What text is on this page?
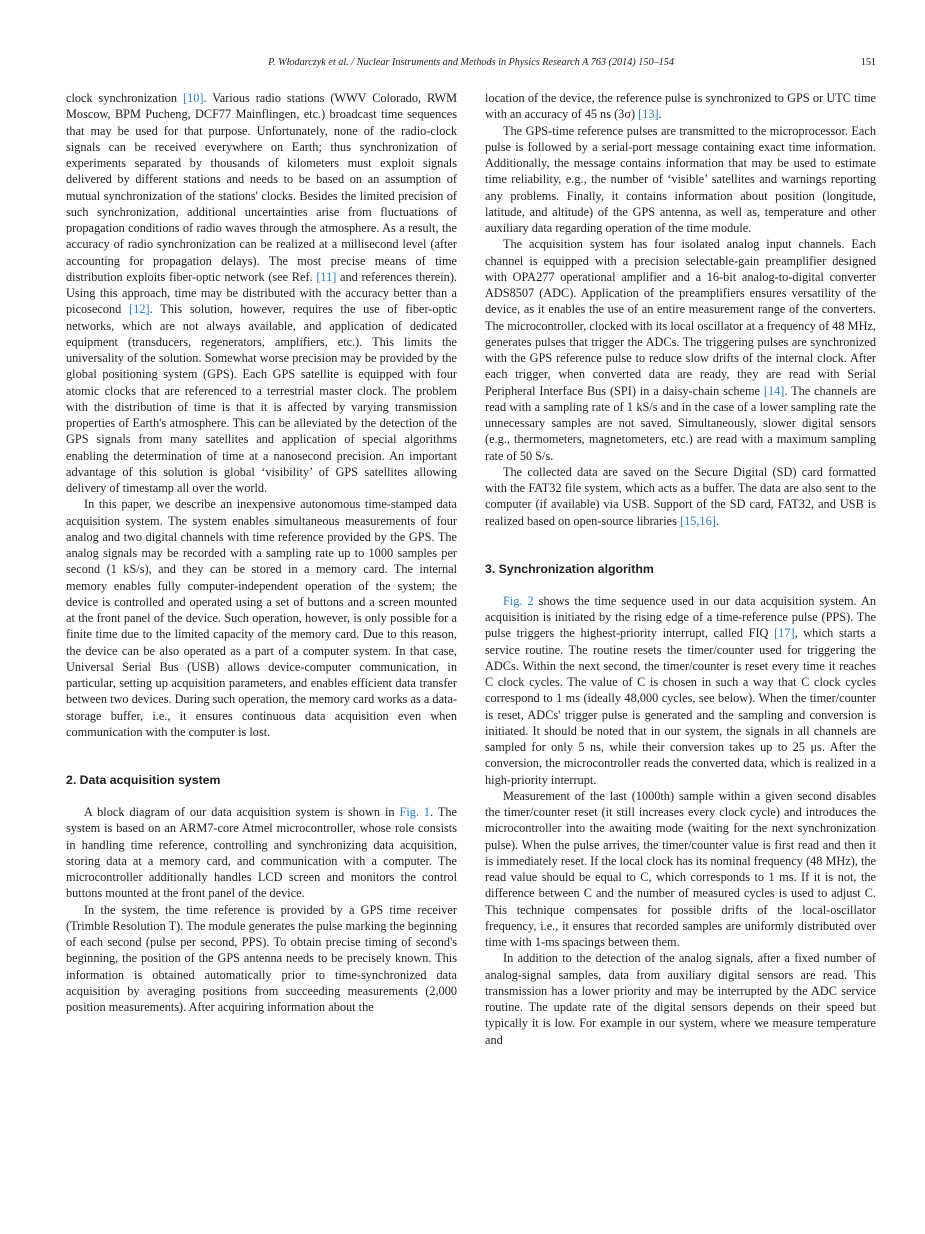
P. Włodarczyk et al. / Nuclear Instruments and Methods in Physics Research A 763 (2014) 150–154	151

clock synchronization [10]. Various radio stations (WWV Colorado, RWM Moscow, BPM Pucheng, DCF77 Mainflingen, etc.) broadcast time sequences that may be used for that purpose. Unfortunately, none of the radio-clock signals can be received everywhere on Earth; thus synchronization of experiments separated by thousands of kilometers must exploit signals delivered by different stations and needs to be based on an assumption of mutual synchronization of the stations' clocks. Besides the limited precision of such synchronization, additional uncertainties arise from fluctuations of propagation conditions of radio waves through the atmosphere. As a result, the accuracy of radio synchronization can be realized at a millisecond level (after accounting for propagation delays). The most precise means of time distribution exploits fiber-optic network (see Ref. [11] and references therein). Using this approach, time may be distributed with the accuracy better than a picosecond [12]. This solution, however, requires the use of fiber-optic networks, which are not always available, and application of dedicated equipment (transducers, regenerators, amplifiers, etc.). This limits the universality of the solution. Somewhat worse precision may be provided by the global positioning system (GPS). Each GPS satellite is equipped with four atomic clocks that are referenced to a terrestrial master clock. The problem with the distribution of time is that it is affected by varying transmission properties of Earth's atmosphere. This can be alleviated by the detection of the GPS signals from many satellites and application of special algorithms enabling the determination of time at a nanosecond precision. An important advantage of this solution is global ‘visibility’ of GPS satellites allowing delivery of timestamp all over the world.

In this paper, we describe an inexpensive autonomous time-stamped data acquisition system. The system enables simultaneous measurements of four analog and two digital channels with time reference provided by the GPS. The analog signals may be recorded with a sampling rate up to 1000 samples per second (1 kS/s), and they can be stored in a memory card. The internal memory enables fully computer-independent operation of the system; the device is controlled and operated using a set of buttons and a screen mounted at the front panel of the device. Such operation, however, is only possible for a finite time due to the limited capacity of the memory card. Due to this reason, the device can be also operated as a part of a computer system. In that case, Universal Serial Bus (USB) allows device-computer communication, in particular, setting up acquisition parameters, and enables efficient data transfer between two devices. During such operation, the memory card works as a data-storage buffer, i.e., it ensures continuous data acquisition even when communication with the computer is lost.

2. Data acquisition system

A block diagram of our data acquisition system is shown in Fig. 1. The system is based on an ARM7-core Atmel microcontroller, whose role consists in handling time reference, controlling and synchronizing data acquisition, storing data at a memory card, and communication with a computer. The microcontroller additionally handles LCD screen and monitors the control buttons mounted at the front panel of the device.

In the system, the time reference is provided by a GPS time receiver (Trimble Resolution T). The module generates the pulse marking the beginning of each second (pulse per second, PPS). To obtain precise timing of second's beginning, the position of the GPS antenna needs to be precisely known. This information is obtained automatically prior to time-synchronized data acquisition by averaging positions from succeeding measurements (2,000 position measurements). After acquiring information about the

location of the device, the reference pulse is synchronized to GPS or UTC time with an accuracy of 45 ns (3σ) [13].

The GPS-time reference pulses are transmitted to the microprocessor. Each pulse is followed by a serial-port message containing exact time information. Additionally, the message contains information that may be used to estimate time reliability, e.g., the number of ‘visible’ satellites and warnings reporting any problems. Finally, it contains information about position (longitude, latitude, and altitude) of the GPS antenna, as well as, temperature and other auxiliary data regarding operation of the time module.

The acquisition system has four isolated analog input channels. Each channel is equipped with a precision selectable-gain preamplifier designed with OPA277 operational amplifier and a 16-bit analog-to-digital converter ADS8507 (ADC). Application of the preamplifiers ensures versatility of the device, as it enables the use of an entire measurement range of the converters. The microcontroller, clocked with its local oscillator at a frequency of 48 MHz, generates pulses that trigger the ADCs. The triggering pulses are synchronized with the GPS reference pulse to reduce slow drifts of the internal clock. After each trigger, when converted data are ready, they are read with Serial Peripheral Interface Bus (SPI) in a daisy-chain scheme [14]. The channels are read with a sampling rate of 1 kS/s and in the case of a lower sampling rate the unnecessary samples are not saved. Simultaneously, slower digital sensors (e.g., thermometers, magnetometers, etc.) are read with a maximum sampling rate of 50 S/s.

The collected data are saved on the Secure Digital (SD) card formatted with the FAT32 file system, which acts as a buffer. The data are also sent to the computer (if available) via USB. Support of the SD card, FAT32, and USB is realized based on open-source libraries [15,16].

3. Synchronization algorithm

Fig. 2 shows the time sequence used in our data acquisition system. An acquisition is initiated by the rising edge of a time-reference pulse (PPS). The pulse triggers the highest-priority interrupt, called FIQ [17], which starts a service routine. The routine resets the timer/counter used for triggering the ADCs. Within the next second, the timer/counter is reset every time it reaches C clock cycles. The value of C is chosen in such a way that C clock cycles correspond to 1 ms (ideally 48,000 cycles, see below). When the timer/counter is reset, ADCs' trigger pulse is generated and the sampling and conversion is initiated. It should be noted that in our system, the signals in all channels are sampled for only 5 ns, while their conversion takes up to 25 μs. After the conversion, the microcontroller reads the converted data, which is realized in a high-priority interrupt.

Measurement of the last (1000th) sample within a given second disables the timer/counter reset (it still increases every clock cycle) and introduces the microcontroller into the awaiting mode (waiting for the next synchronization pulse). When the pulse arrives, the timer/counter value is first read and then it is immediately reset. If the local clock has its nominal frequency (48 MHz), the read value should be equal to C, which corresponds to 1 ms. If it is not, the difference between C and the number of measured cycles is used to adjust C. This technique compensates for possible drifts of the local-oscillator frequency, i.e., it ensures that recorded samples are uniformly distributed over time with 1-ms spacings between them.

In addition to the detection of the analog signals, after a fixed number of analog-signal samples, data from auxiliary digital sensors are read. This transmission has a lower priority and may be interrupted by the ADC service routine. The update rate of the digital sensors depends on their speed but typically it is low. For example in our system, where we measure temperature and
